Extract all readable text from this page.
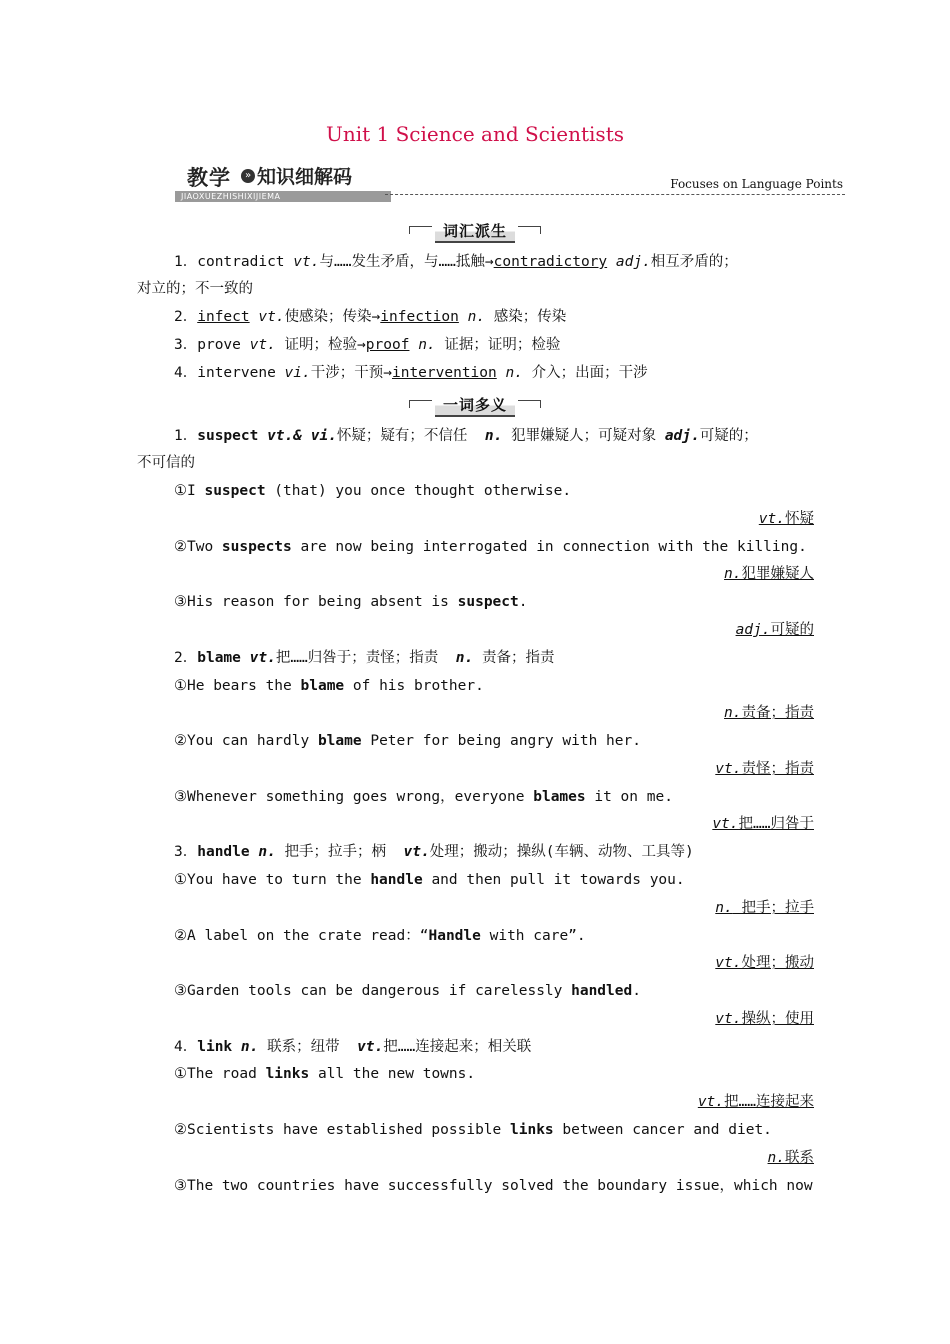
Unit 1 Science and Scientists
教学	» 知识细解码
JIAOXUEZHISHIXIJIEMA
Focuses on Language Points
词汇派生
1．contradict vt.与……发生矛盾，与……抵触→contradictory adj.相互矛盾的；
对立的；不一致的
2．infect vt.使感染；传染→infection n. 感染；传染
3．prove vt. 证明；检验→proof n. 证据；证明；检验
4．intervene vi.干涉；干预→intervention n. 介入；出面；干涉
一词多义
1．suspect vt.& vi.怀疑；疑有；不信任  n. 犯罪嫌疑人；可疑对象 adj.可疑的；
不可信的
①I suspect (that) you once thought otherwise.
vt.怀疑
②Two suspects are now being interrogated in connection with the killing.
n.犯罪嫌疑人
③His reason for being absent is suspect.
adj.可疑的
2．blame vt.把……归咎于；责怪；指责  n. 责备；指责
①He bears the blame of his brother.
n.责备；指责
②You can hardly blame Peter for being angry with her.
vt.责怪；指责
③Whenever something goes wrong，everyone blames it on me.
vt.把……归咎于
3．handle n. 把手；拉手；柄  vt.处理；搬动；操纵(车辆、动物、工具等)
①You have to turn the handle and then pull it towards you.
n. 把手；拉手
②A label on the crate read：“Handle with care”.
vt.处理；搬动
③Garden tools can be dangerous if carelessly handled.
vt.操纵；使用
4．link n. 联系；纽带  vt.把……连接起来；相关联
①The road links all the new towns.
vt.把……连接起来
②Scientists have established possible links between cancer and diet.
n.联系
③The two countries have successfully solved the boundary issue，which now
